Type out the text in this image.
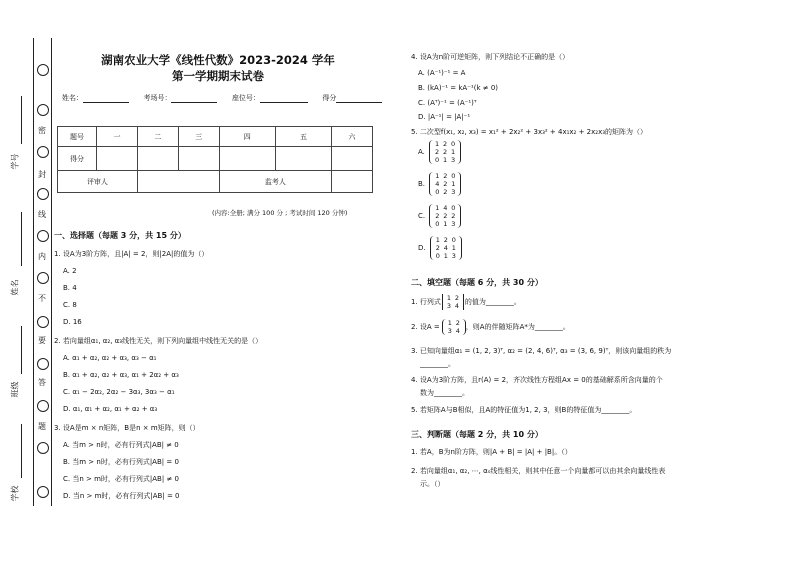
密
封
线
内
不
要
答
题
学号
姓名
班级
学校
湖南农业大学《线性代数》2023-2024 学年
第一学期期末试卷
姓名：	考场号：	座位号：	得分
题号	一	二	三	四	五	六
得分						
评审人				监考人		
(内容:全册; 满分 100 分 ; 考试时间 120 分钟)
一、选择题（每题 3 分，共 15 分）
1. 设A为3阶方阵，且|A| = 2，则|2A|的值为（）
A. 2
B. 4
C. 8
D. 16
2. 若向量组α₁, α₂, α₃线性无关，则下列向量组中线性无关的是（）
A. α₁ + α₂, α₂ + α₃, α₃ − α₁
B. α₁ + α₂, α₂ + α₃, α₁ + 2α₂ + α₃
C. α₁ − 2α₂, 2α₂ − 3α₃, 3α₃ − α₁
D. α₁, α₁ + α₂, α₁ + α₂ + α₃
3. 设A是m × n矩阵，B是n × m矩阵，则（）
A. 当m > n时，必有行列式|AB| ≠ 0
B. 当m > n时，必有行列式|AB| = 0
C. 当n > m时，必有行列式|AB| ≠ 0
D. 当n > m时，必有行列式|AB| = 0
4. 设A为n阶可逆矩阵，则下列结论不正确的是（）
A. (A⁻¹)⁻¹ = A
B. (kA)⁻¹ = kA⁻¹(k ≠ 0)
C. (Aᵀ)⁻¹ = (A⁻¹)ᵀ
D. |A⁻¹| = |A|⁻¹
5. 二次型f(x₁, x₂, x₃) = x₁² + 2x₂² + 3x₃² + 4x₁x₂ + 2x₂x₃的矩阵为（）
A. 1 2 0
2 2 1
0 1 3
B. 1 2 0
4 2 1
0 2 3
C. 1 4 0
2 2 2
0 1 3
D. 1 2 0
2 4 1
0 1 3
二、填空题（每题 6 分，共 30 分）
1. 行列式 1 2
3 4 的值为________。
2. 设A = 1 2
3 4 ，则A的伴随矩阵A*为________。
3. 已知向量组α₁ = (1, 2, 3)ᵀ, α₂ = (2, 4, 6)ᵀ, α₃ = (3, 6, 9)ᵀ，则该向量组的秩为
________。
4. 设A为3阶方阵，且r(A) = 2，齐次线性方程组Ax = 0的基础解系所含向量的个
数为________。
5. 若矩阵A与B相似，且A的特征值为1, 2, 3，则B的特征值为________。
三、判断题（每题 2 分，共 10 分）
1. 若A，B为n阶方阵，则|A + B| = |A| + |B|。（）
2. 若向量组α₁, α₂, ⋯, αₛ线性相关，则其中任意一个向量都可以由其余向量线性表
示。（）
